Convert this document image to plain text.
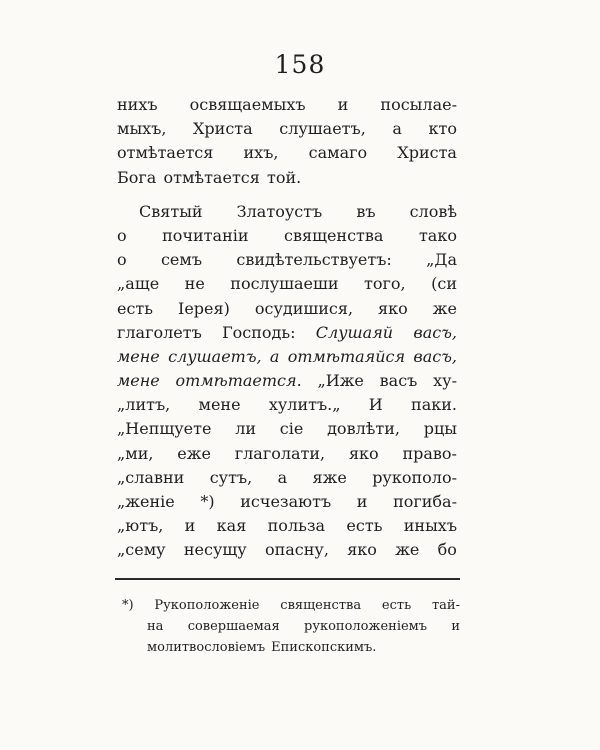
158
нихъ освящаемыхъ и посылае-
мыхъ, Христа слушаетъ, а кто
отмѣтается ихъ, самаго Христа
Бога отмѣтается той.
Святый Златоустъ въ словѣ
о почитаніи священства тако
о семъ свидѣтельствуетъ: „Да
„аще не послушаеши того, (си
есть Іерея) осудишися, яко же
глаголетъ Господь: Слушаяй васъ,
мене слушаетъ, а отмѣтаяйся васъ,
мене отмѣтается. „Иже васъ ху-
„литъ, мене хулитъ.„ И паки.
„Непщуете ли сіе довлѣти, рцы
„ми, еже глаголати, яко право-
„славни сутъ, а яже рукополо-
„женіе *) исчезаютъ и погиба-
„ютъ, и кая польза есть иныхъ
„сему несущу опасну, яко же бо
*) Рукоположеніе священства есть тай-
на совершаемая рукоположеніемъ и
молитвословіемъ Епископскимъ.
